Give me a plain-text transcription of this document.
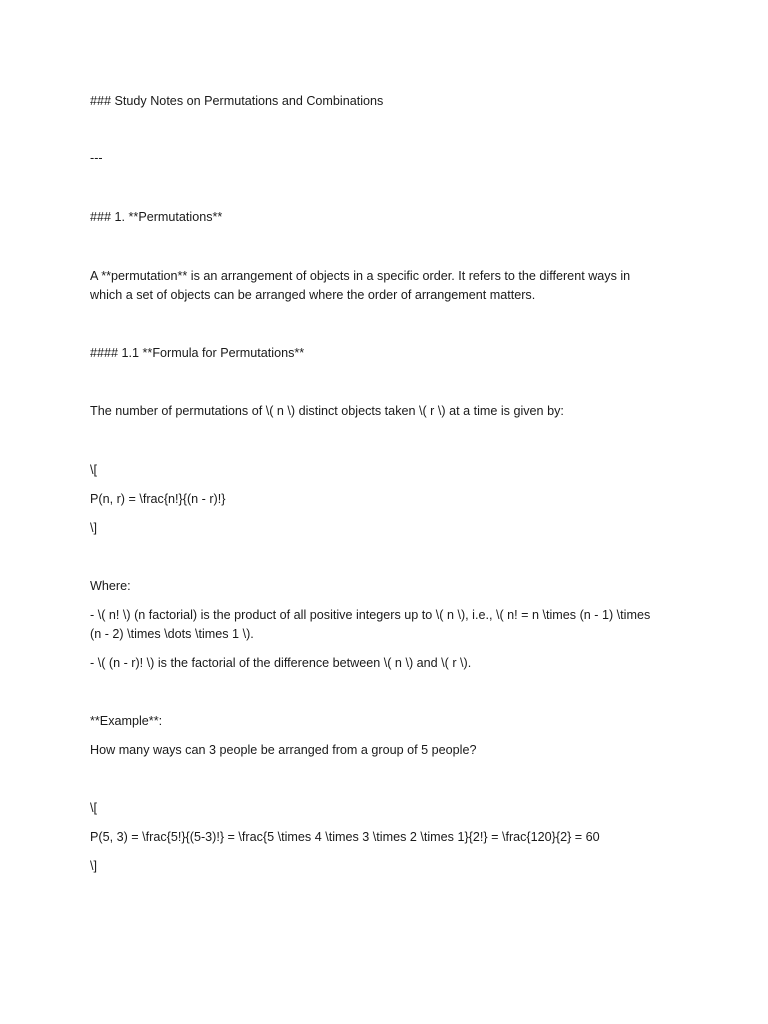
### Study Notes on Permutations and Combinations

---

### 1. **Permutations**

A **permutation** is an arrangement of objects in a specific order. It refers to the different ways in

which a set of objects can be arranged where the order of arrangement matters.

#### 1.1 **Formula for Permutations**

The number of permutations of \( n \) distinct objects taken \( r \) at a time is given by:

\[

P(n, r) = \frac{n!}{(n - r)!}

\]

Where:

- \( n! \) (n factorial) is the product of all positive integers up to \( n \), i.e., \( n! = n \times (n - 1) \times

(n - 2) \times \dots \times 1 \).

- \( (n - r)! \) is the factorial of the difference between \( n \) and \( r \).

**Example**:

How many ways can 3 people be arranged from a group of 5 people?

\[

P(5, 3) = \frac{5!}{(5-3)!} = \frac{5 \times 4 \times 3 \times 2 \times 1}{2!} = \frac{120}{2} = 60

\]
